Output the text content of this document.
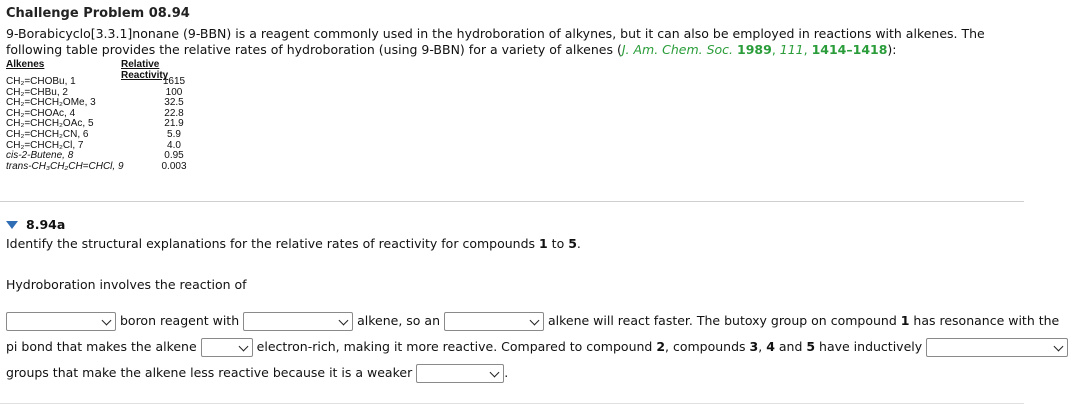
Challenge Problem 08.94
9-Borabicyclo[3.3.1]nonane (9-BBN) is a reagent commonly used in the hydroboration of alkynes, but it can also be employed in reactions with alkenes. The following table provides the relative rates of hydroboration (using 9-BBN) for a variety of alkenes (J. Am. Chem. Soc. 1989, 111, 1414–1418):
Alkenes	Relative Reactivity
CH₂=CHOBu, 1	1615
CH₂=CHBu, 2	100
CH₂=CHCH₂OMe, 3	32.5
CH₂=CHOAc, 4	22.8
CH₂=CHCH₂OAc, 5	21.9
CH₂=CHCH₂CN, 6	5.9
CH₂=CHCH₂Cl, 7	4.0
cis-2-Butene, 8	0.95
trans-CH₃CH₂CH=CHCl, 9	0.003
8.94a
Identify the structural explanations for the relative rates of reactivity for compounds 1 to 5.
Hydroboration involves the reaction of
boron reagent with	alkene, so an	alkene will react faster. The butoxy group on compound 1 has resonance with the
pi bond that makes the alkene	electron-rich, making it more reactive. Compared to compound 2, compounds 3, 4 and 5 have inductively
groups that make the alkene less reactive because it is a weaker	.
